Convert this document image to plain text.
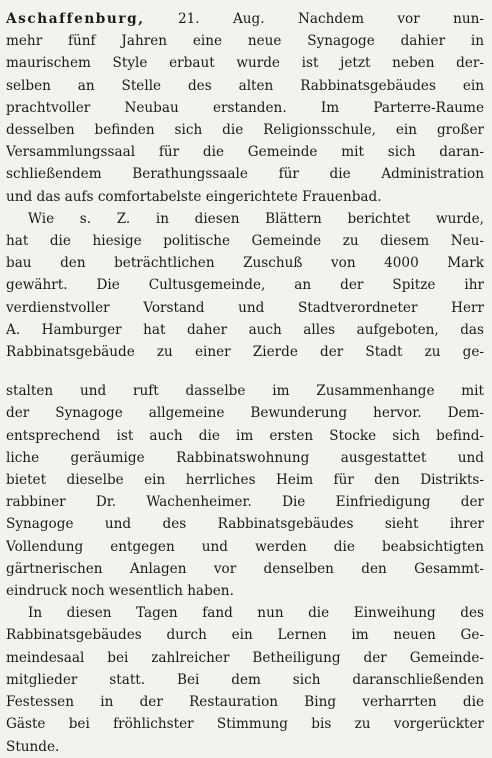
Aschaffenburg, 21. Aug. Nachdem vor nun-
mehr fünf Jahren eine neue Synagoge dahier in
maurischem Style erbaut wurde ist jetzt neben der-
selben an Stelle des alten Rabbinatsgebäudes ein
prachtvoller Neubau erstanden. Im Parterre-Raume
desselben befinden sich die Religionsschule, ein großer
Versammlungssaal für die Gemeinde mit sich daran-
schließendem Berathungssaale für die Administration
und das aufs comfortabelste eingerichtete Frauenbad.
Wie s. Z. in diesen Blättern berichtet wurde,
hat die hiesige politische Gemeinde zu diesem Neu-
bau den beträchtlichen Zuschuß von 4000 Mark
gewährt. Die Cultusgemeinde, an der Spitze ihr
verdienstvoller Vorstand und Stadtverordneter Herr
A. Hamburger hat daher auch alles aufgeboten, das
Rabbinatsgebäude zu einer Zierde der Stadt zu ge-
stalten und ruft dasselbe im Zusammenhange mit
der Synagoge allgemeine Bewunderung hervor. Dem-
entsprechend ist auch die im ersten Stocke sich befind-
liche geräumige Rabbinatswohnung ausgestattet und
bietet dieselbe ein herrliches Heim für den Distrikts-
rabbiner Dr. Wachenheimer. Die Einfriedigung der
Synagoge und des Rabbinatsgebäudes sieht ihrer
Vollendung entgegen und werden die beabsichtigten
gärtnerischen Anlagen vor denselben den Gesammt-
eindruck noch wesentlich haben.
In diesen Tagen fand nun die Einweihung des
Rabbinatsgebäudes durch ein Lernen im neuen Ge-
meindesaal bei zahlreicher Betheiligung der Gemeinde-
mitglieder statt. Bei dem sich daranschließenden
Festessen in der Restauration Bing verharrten die
Gäste bei fröhlichster Stimmung bis zu vorgerückter
Stunde.
